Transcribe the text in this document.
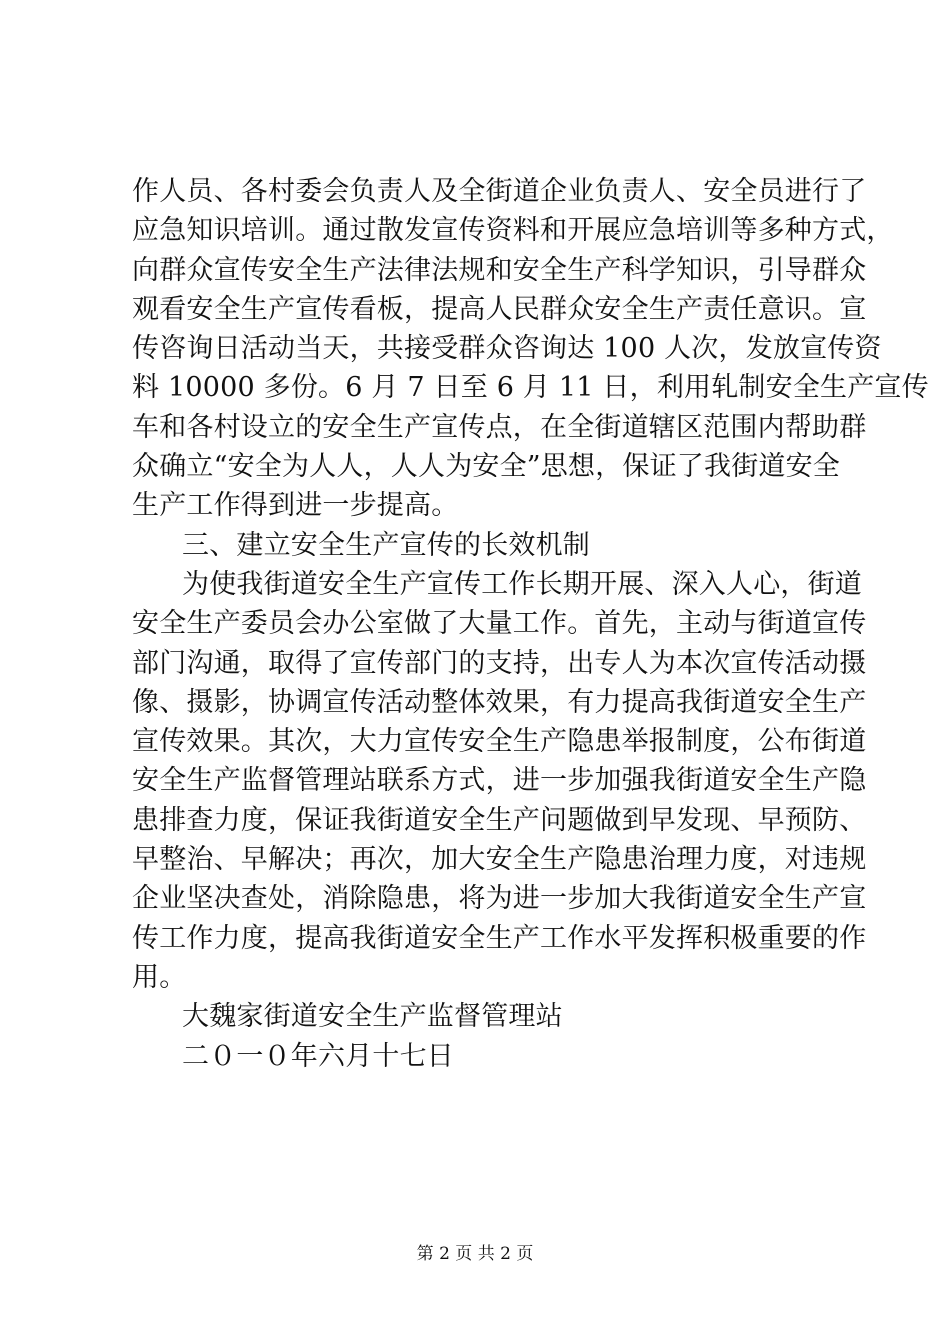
作人员、各村委会负责人及全街道企业负责人、安全员进行了
应急知识培训。通过散发宣传资料和开展应急培训等多种方式，
向群众宣传安全生产法律法规和安全生产科学知识，引导群众
观看安全生产宣传看板，提高人民群众安全生产责任意识。宣
传咨询日活动当天，共接受群众咨询达 100 人次，发放宣传资
料 10000 多份。6 月 7 日至 6 月 11 日，利用轧制安全生产宣传
车和各村设立的安全生产宣传点，在全街道辖区范围内帮助群
众确立“安全为人人，人人为安全”思想，保证了我街道安全
生产工作得到进一步提高。
三、建立安全生产宣传的长效机制
为使我街道安全生产宣传工作长期开展、深入人心，街道
安全生产委员会办公室做了大量工作。首先，主动与街道宣传
部门沟通，取得了宣传部门的支持，出专人为本次宣传活动摄
像、摄影，协调宣传活动整体效果，有力提高我街道安全生产
宣传效果。其次，大力宣传安全生产隐患举报制度，公布街道
安全生产监督管理站联系方式，进一步加强我街道安全生产隐
患排查力度，保证我街道安全生产问题做到早发现、早预防、
早整治、早解决；再次，加大安全生产隐患治理力度，对违规
企业坚决查处，消除隐患，将为进一步加大我街道安全生产宣
传工作力度，提高我街道安全生产工作水平发挥积极重要的作
用。
大魏家街道安全生产监督管理站
二０一０年六月十七日
第 2 页 共 2 页
